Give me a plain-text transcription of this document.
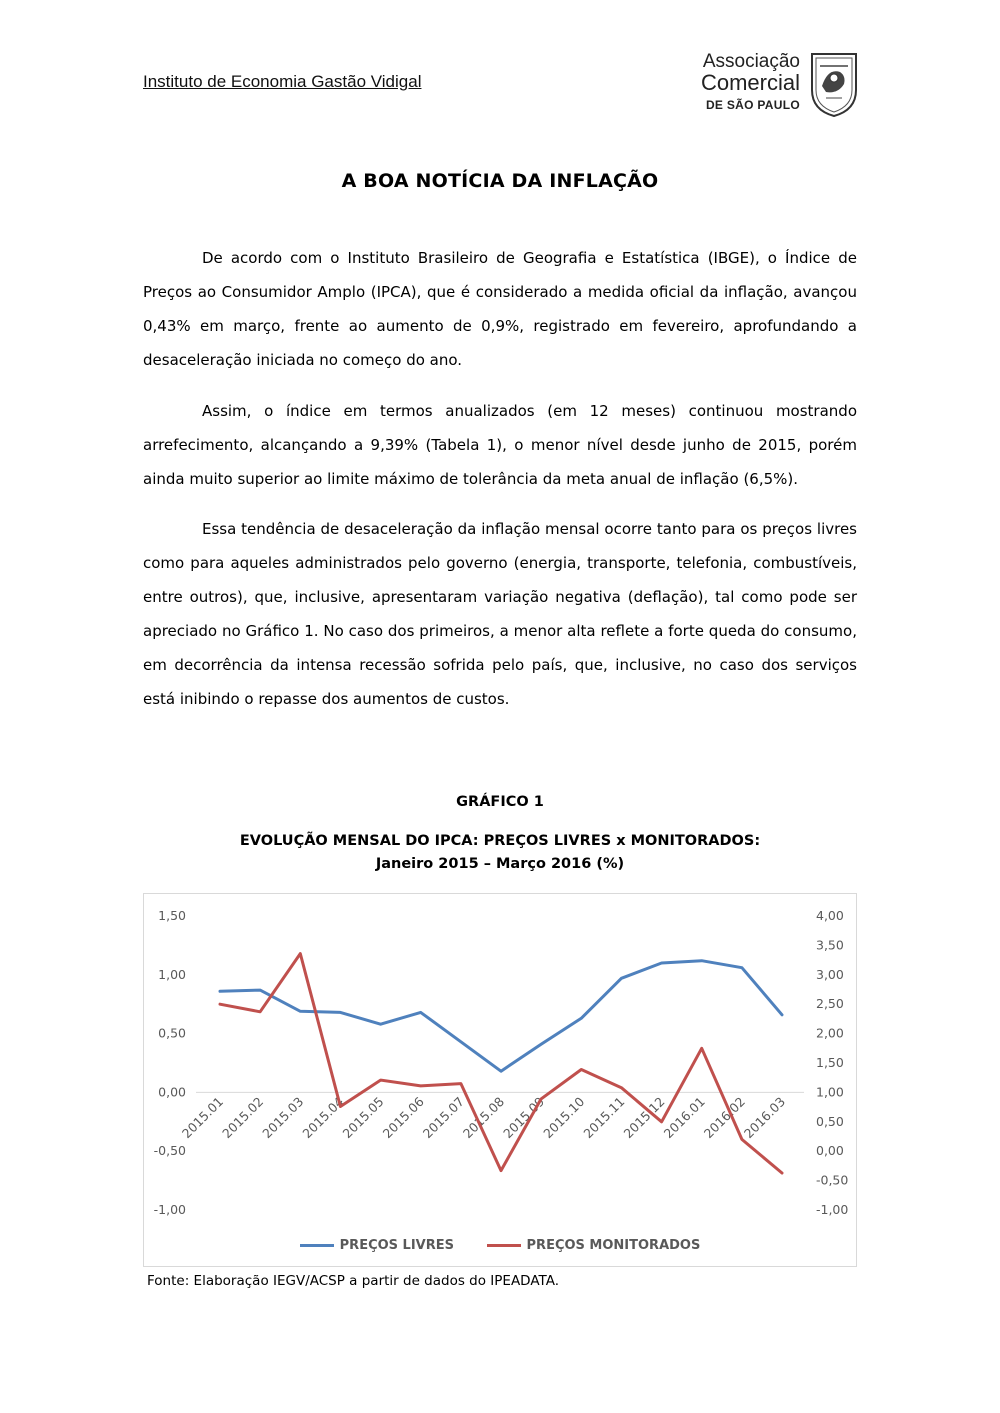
Instituto de Economia Gastão Vidigal
Associação
Comercial
DE SÃO PAULO
A BOA NOTÍCIA DA INFLAÇÃO

De acordo com o Instituto Brasileiro de Geografia e Estatística (IBGE), o Índice de Preços ao Consumidor Amplo (IPCA), que é considerado a medida oficial da inflação, avançou 0,43% em março, frente ao aumento de 0,9%, registrado em fevereiro, aprofundando a desaceleração iniciada no começo do ano.

Assim, o índice em termos anualizados (em 12 meses) continuou mostrando arrefecimento, alcançando a 9,39% (Tabela 1), o menor nível desde junho de 2015, porém ainda muito superior ao limite máximo de tolerância da meta anual de inflação (6,5%).

Essa tendência de desaceleração da inflação mensal ocorre tanto para os preços livres como para aqueles administrados pelo governo (energia, transporte, telefonia, combustíveis, entre outros), que, inclusive, apresentaram variação negativa (deflação), tal como pode ser apreciado no Gráfico 1. No caso dos primeiros, a menor alta reflete a forte queda do consumo, em decorrência da intensa recessão sofrida pelo país, que, inclusive, no caso dos serviços está inibindo o repasse dos aumentos de custos.

GRÁFICO 1
EVOLUÇÃO MENSAL DO IPCA: PREÇOS LIVRES x MONITORADOS:
Janeiro 2015 – Março 2016 (%)
-1,00
-0,50
0,00
0,50
1,00
1,50
-1,00
-0,50
0,00
0,50
1,00
1,50
2,00
2,50
3,00
3,50
4,00
2015.01
2015.02
2015.03
2015.04
2015.05
2015.06
2015.07
2015.08
2015.09
2015.10
2015.11
2015.12
2016.01
2016.02
2016.03
PREÇOS LIVRES
	PREÇOS MONITORADOS
Fonte: Elaboração IEGV/ACSP a partir de dados do IPEADATA.
